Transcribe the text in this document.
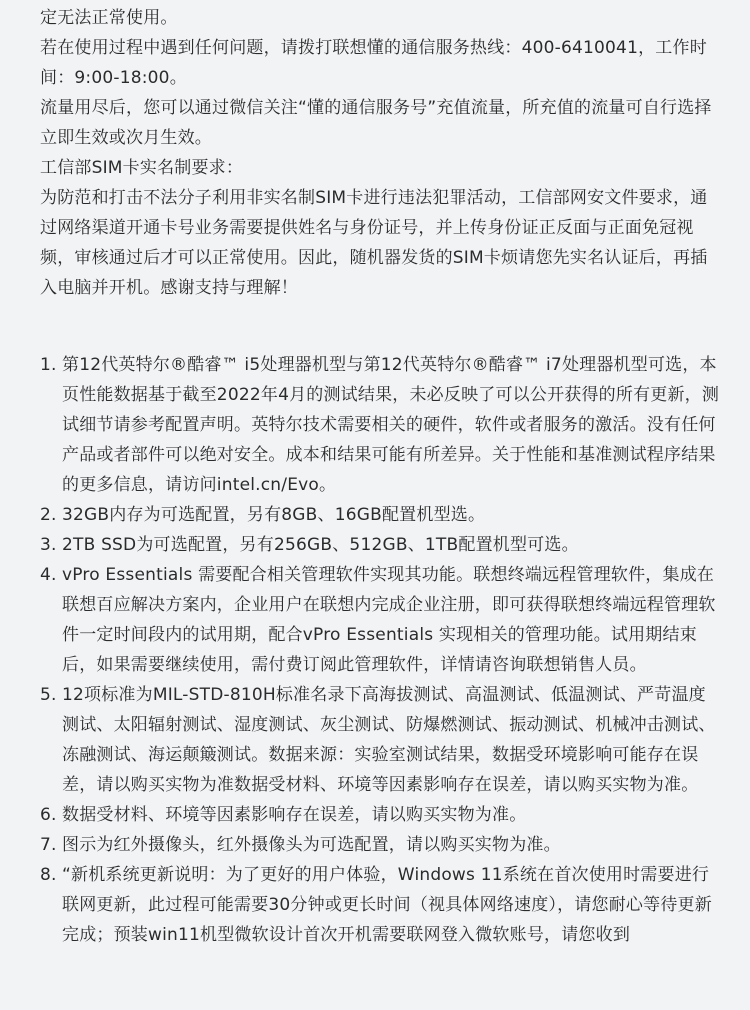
定无法正常使用。

若在使用过程中遇到任何问题，请拨打联想懂的通信服务热线：400-6410041，工作时间：9:00-18:00。

流量用尽后，您可以通过微信关注“懂的通信服务号”充值流量，所充值的流量可自行选择立即生效或次月生效。

工信部SIM卡实名制要求：

为防范和打击不法分子利用非实名制SIM卡进行违法犯罪活动，工信部网安文件要求，通过网络渠道开通卡号业务需要提供姓名与身份证号，并上传身份证正反面与正面免冠视频，审核通过后才可以正常使用。因此，随机器发货的SIM卡烦请您先实名认证后，再插入电脑并开机。感谢支持与理解！

1. 第12代英特尔®酷睿™ i5处理器机型与第12代英特尔®酷睿™ i7处理器机型可选，本页性能数据基于截至2022年4月的测试结果，未必反映了可以公开获得的所有更新，测试细节请参考配置声明。英特尔技术需要相关的硬件，软件或者服务的激活。没有任何产品或者部件可以绝对安全。成本和结果可能有所差异。关于性能和基准测试程序结果的更多信息，请访问intel.cn/Evo。
2. 32GB内存为可选配置，另有8GB、16GB配置机型选。
3. 2TB SSD为可选配置，另有256GB、512GB、1TB配置机型可选。
4. vPro Essentials 需要配合相关管理软件实现其功能。联想终端远程管理软件，集成在联想百应解决方案内，企业用户在联想内完成企业注册，即可获得联想终端远程管理软件一定时间段内的试用期，配合vPro Essentials 实现相关的管理功能。试用期结束后，如果需要继续使用，需付费订阅此管理软件，详情请咨询联想销售人员。
5. 12项标准为MIL-STD-810H标准名录下高海拔测试、高温测试、低温测试、严苛温度测试、太阳辐射测试、湿度测试、灰尘测试、防爆燃测试、振动测试、机械冲击测试、冻融测试、海运颠簸测试。数据来源：实验室测试结果，数据受环境影响可能存在误差，请以购买实物为准数据受材料、环境等因素影响存在误差，请以购买实物为准。
6. 数据受材料、环境等因素影响存在误差，请以购买实物为准。
7. 图示为红外摄像头，红外摄像头为可选配置，请以购买实物为准。
8. “新机系统更新说明：为了更好的用户体验，Windows 11系统在首次使用时需要进行联网更新，此过程可能需要30分钟或更长时间（视具体网络速度），请您耐心等待更新完成；预装win11机型微软设计首次开机需要联网登入微软账号，请您收到
